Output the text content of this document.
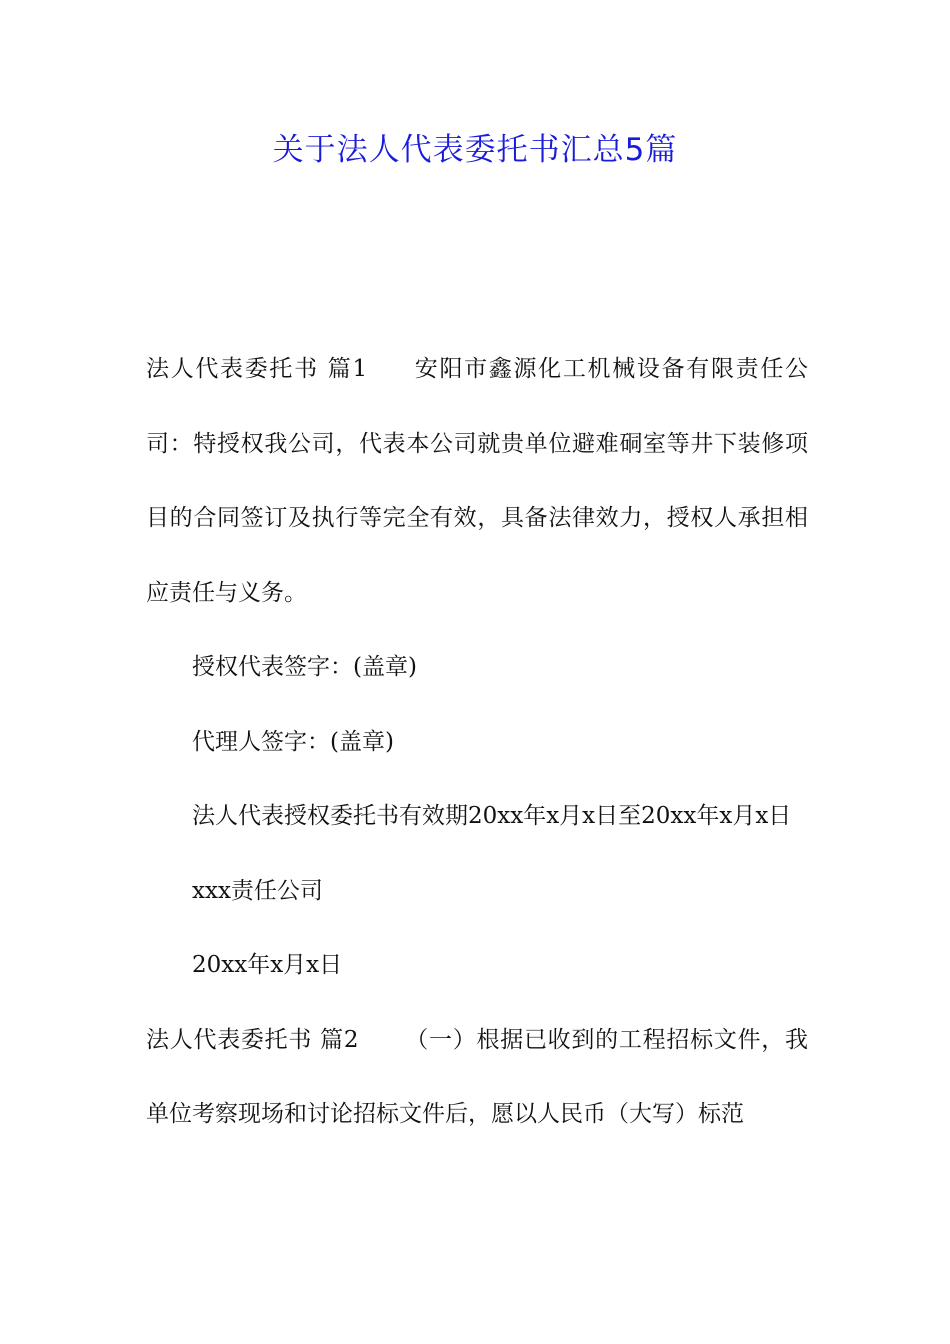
关于法人代表委托书汇总5篇

法人代表委托书 篇1 安阳市鑫源化工机械设备有限责任公司：特授权我公司，代表本公司就贵单位避难硐室等井下装修项目的合同签订及执行等完全有效，具备法律效力，授权人承担相应责任与义务。

授权代表签字：(盖章)

代理人签字：(盖章)

法人代表授权委托书有效期20xx年x月x日至20xx年x月x日

xxx责任公司

20xx年x月x日

法人代表委托书 篇2 （一）根据已收到的工程招标文件，我单位考察现场和讨论招标文件后，愿以人民币（大写）标范
